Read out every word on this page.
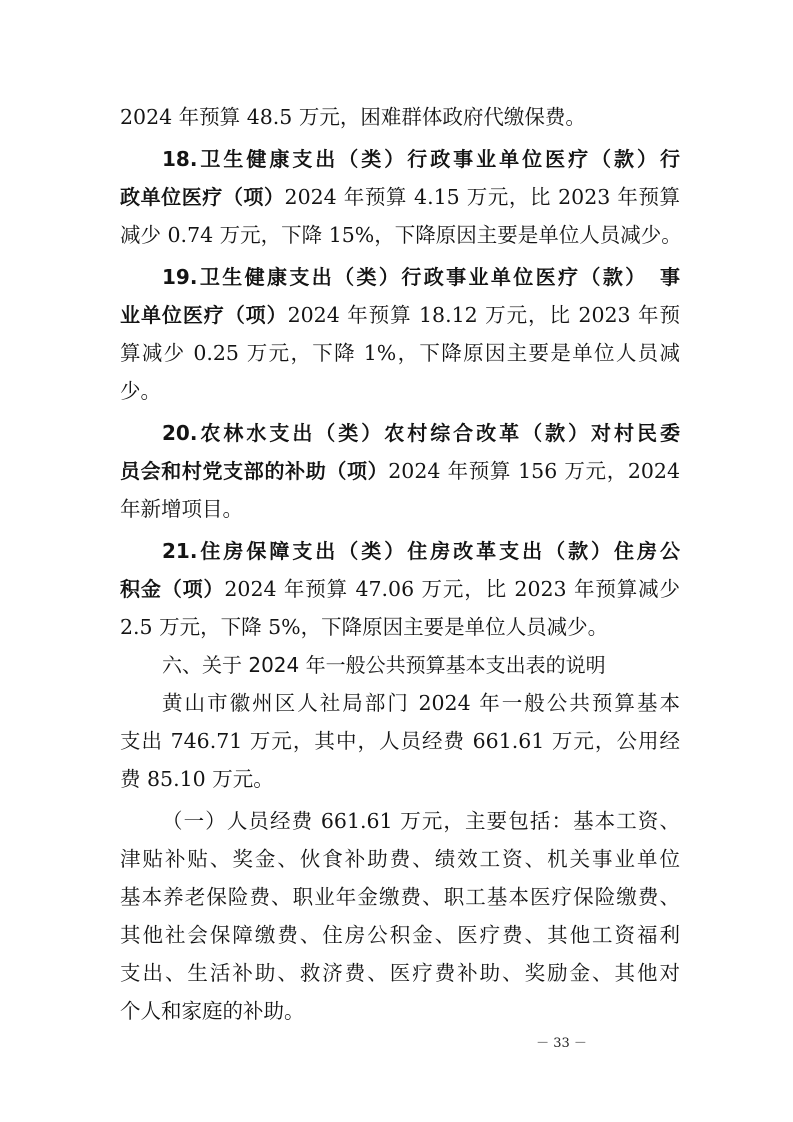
2024 年预算 48.5 万元，困难群体政府代缴保费。
18.卫生健康支出（类）行政事业单位医疗（款）行
政单位医疗（项）2024 年预算 4.15 万元，比 2023 年预算
减少 0.74 万元，下降 15%，下降原因主要是单位人员减少。
19.卫生健康支出（类）行政事业单位医疗（款）　事
业单位医疗（项）2024 年预算 18.12 万元，比 2023 年预
算减少 0.25 万元，下降 1%，下降原因主要是单位人员减
少。
20.农林水支出（类）农村综合改革（款）对村民委
员会和村党支部的补助（项）2024 年预算 156 万元，2024
年新增项目。
21.住房保障支出（类）住房改革支出（款）住房公
积金（项）2024 年预算 47.06 万元，比 2023 年预算减少
2.5 万元，下降 5%，下降原因主要是单位人员减少。
六、关于 2024 年一般公共预算基本支出表的说明
黄山市徽州区人社局部门 2024 年一般公共预算基本
支出 746.71 万元，其中，人员经费 661.61 万元，公用经
费 85.10 万元。
（一）人员经费 661.61 万元，主要包括：基本工资、
津贴补贴、奖金、伙食补助费、绩效工资、机关事业单位
基本养老保险费、职业年金缴费、职工基本医疗保险缴费、
其他社会保障缴费、住房公积金、医疗费、其他工资福利
支出、生活补助、救济费、医疗费补助、奖励金、其他对
个人和家庭的补助。
－ 33 －
